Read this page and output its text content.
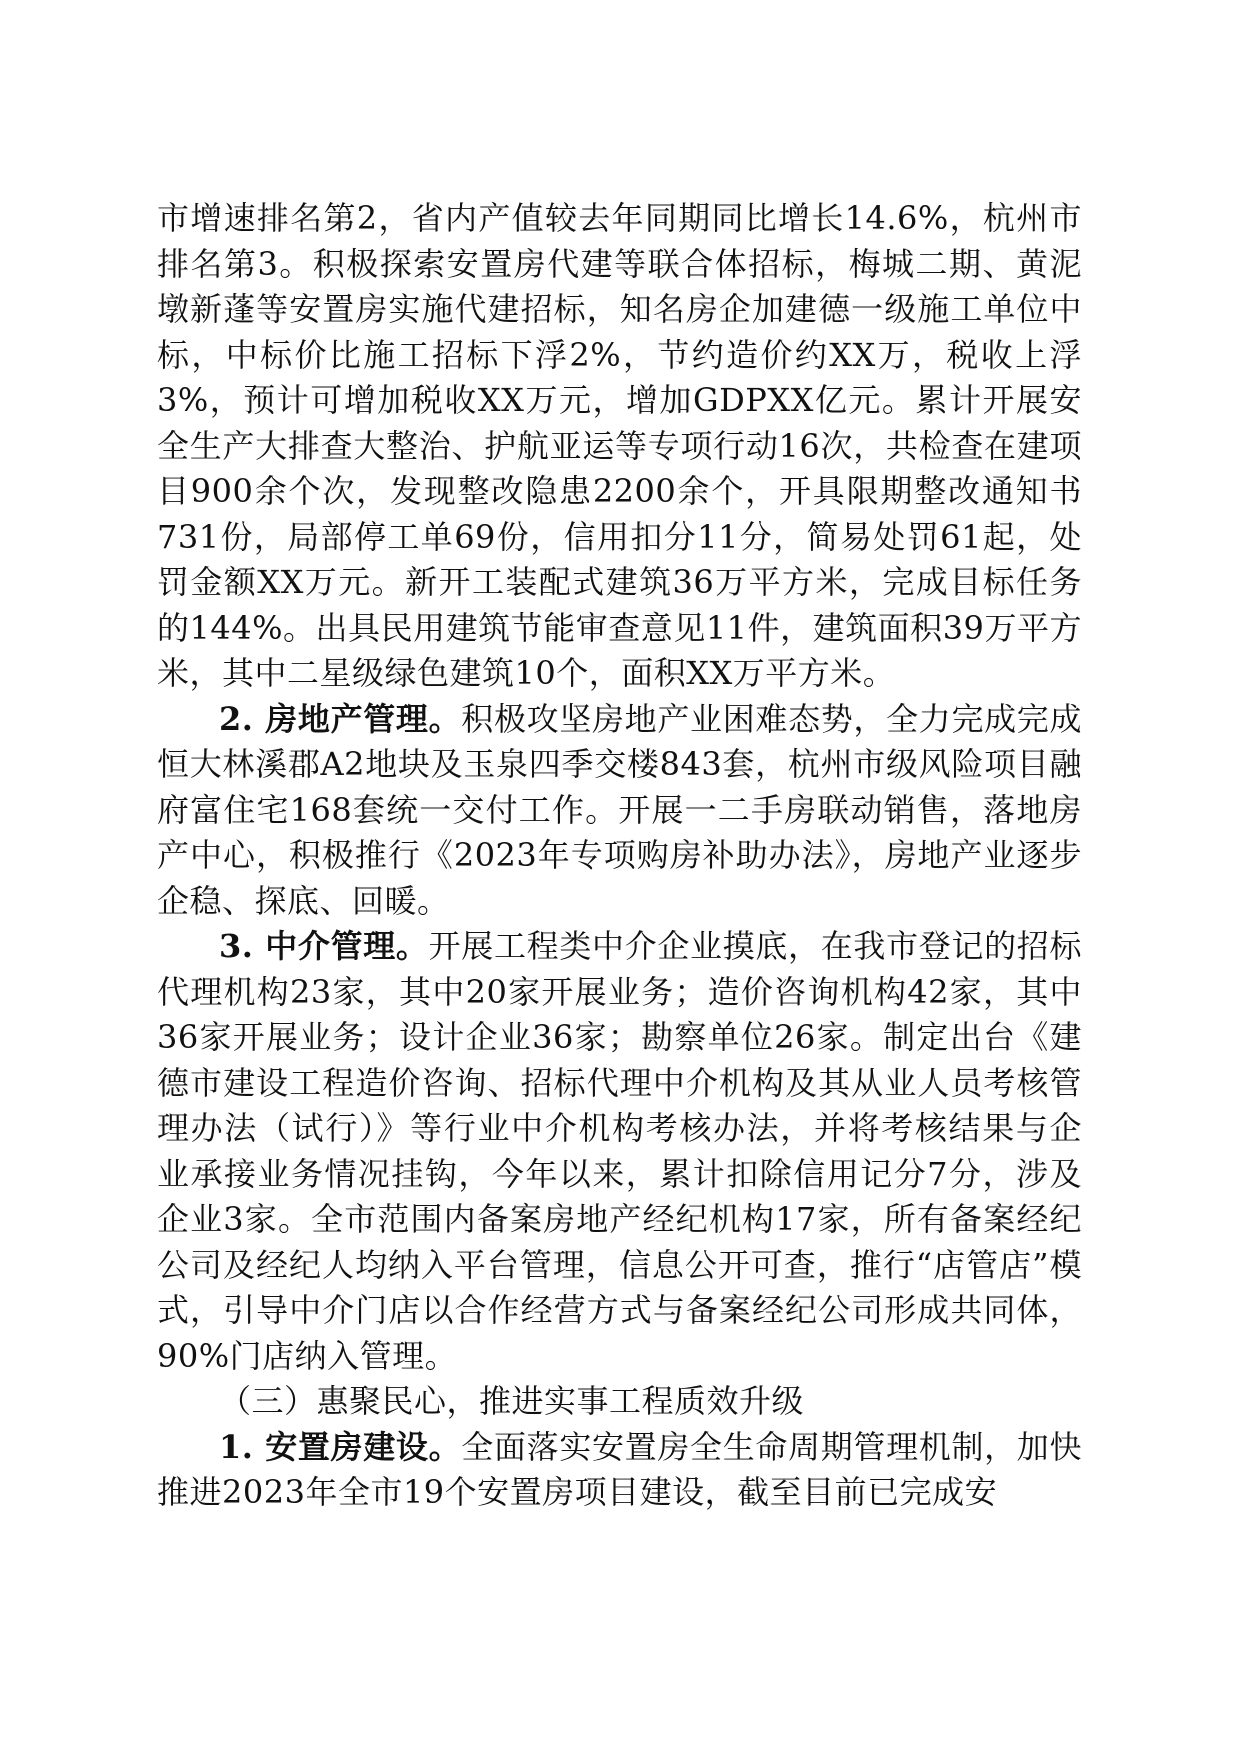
市增速排名第2，省内产值较去年同期同比增长14.6%，杭州市排名第3。积极探索安置房代建等联合体招标，梅城二期、黄泥墩新蓬等安置房实施代建招标，知名房企加建德一级施工单位中标，中标价比施工招标下浮2%，节约造价约XX万，税收上浮3%，预计可增加税收XX万元，增加GDPXX亿元。累计开展安全生产大排查大整治、护航亚运等专项行动16次，共检查在建项目900余个次，发现整改隐患2200余个，开具限期整改通知书731份，局部停工单69份，信用扣分11分，简易处罚61起，处罚金额XX万元。新开工装配式建筑36万平方米，完成目标任务的144%。出具民用建筑节能审查意见11件，建筑面积39万平方米，其中二星级绿色建筑10个，面积XX万平方米。

2. 房地产管理。积极攻坚房地产业困难态势，全力完成完成恒大林溪郡A2地块及玉泉四季交楼843套，杭州市级风险项目融府富住宅168套统一交付工作。开展一二手房联动销售，落地房产中心，积极推行《2023年专项购房补助办法》，房地产业逐步企稳、探底、回暖。

3. 中介管理。开展工程类中介企业摸底，在我市登记的招标代理机构23家，其中20家开展业务；造价咨询机构42家，其中36家开展业务；设计企业36家；勘察单位26家。制定出台《建德市建设工程造价咨询、招标代理中介机构及其从业人员考核管理办法（试行）》等行业中介机构考核办法，并将考核结果与企业承接业务情况挂钩，今年以来，累计扣除信用记分7分，涉及企业3家。全市范围内备案房地产经纪机构17家，所有备案经纪公司及经纪人均纳入平台管理，信息公开可查，推行“店管店”模式，引导中介门店以合作经营方式与备案经纪公司形成共同体，90%门店纳入管理。

（三）惠聚民心，推进实事工程质效升级

1. 安置房建设。全面落实安置房全生命周期管理机制，加快推进2023年全市19个安置房项目建设，截至目前已完成安
